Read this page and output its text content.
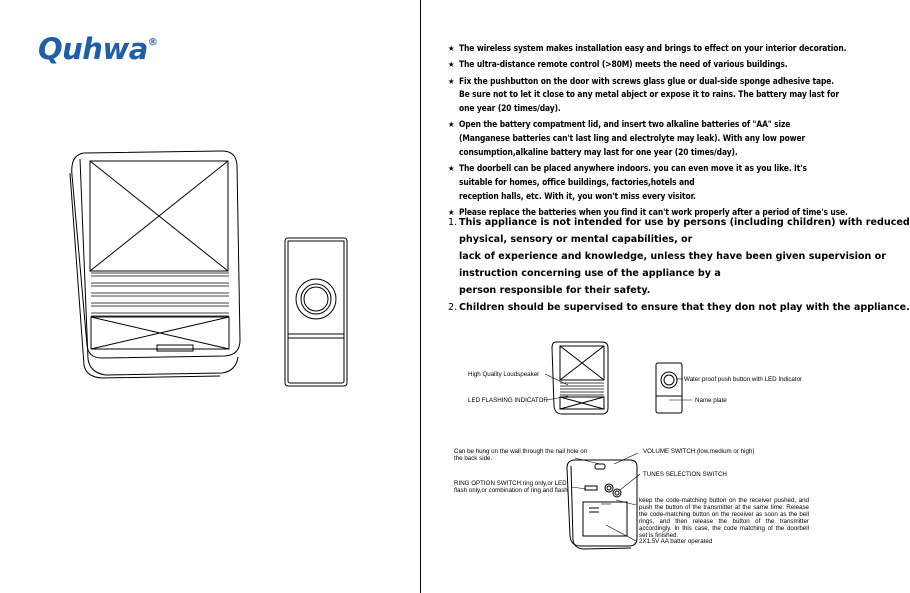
Quhwa®
★ The wireless system makes installation easy and brings to effect on your interior decoration.
★ The ultra-distance remote control (>80M) meets the need of various buildings.
★ Fix the pushbutton on the door with screws glass glue or dual-side sponge adhesive tape.
Be sure not to let it close to any metal abject or expose it to rains. The battery may last for
one year (20 times/day).
★ Open the battery compatment lid, and insert two alkaline batteries of "AA" size
(Manganese batteries can't last ling and electrolyte may leak). With any low power
consumption,alkaline battery may last for one year (20 times/day).
★ The doorbell can be placed anywhere indoors. you can even move it as you like. It's
suitable for homes, office buildings, factories,hotels and
reception halls, etc. With it, you won't miss every visitor.
★ Please replace the batteries when you find it can't work properly after a period of time's use.
1. This appliance is not intended for use by persons (including children) with reduced
physical, sensory or mental capabilities, or
lack of experience and knowledge, unless they have been given supervision or
instruction concerning use of the appliance by a
person responsible for their safety.
2. Children should be supervised to ensure that they don not play with the appliance.
High Quality Loudspeaker
LED FLASHING INDICATOR
Water proof push button with LED Indicator
Name plate
Can be hung on the wall through the nail hole on the back side.
VOLUME SWITCH (low,medium or high)
TUNES SELECTION SWITCH
RING OPTION SWITCH:ring only,or LED flash only,or combination of ring and flash
keep the code-matching button on the receiver pushed, and push the button of the transmitter at the same time. Release the code-matching button on the receiver as soon as the bell rings, and then release the button of the transmitter accordingly. In this case, the code matching of the doorbell set is finished.
2X1.5V AA batter operated
